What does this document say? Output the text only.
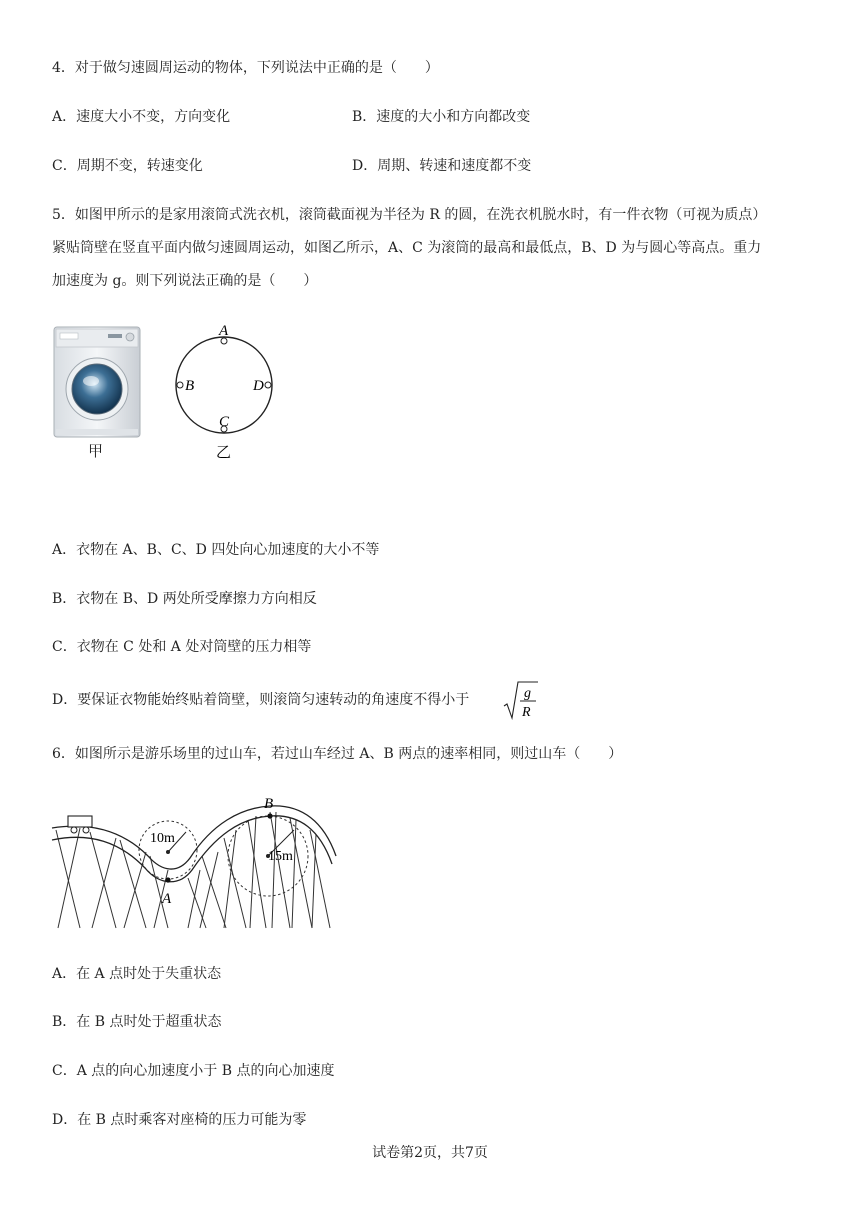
4．对于做匀速圆周运动的物体，下列说法中正确的是（　　）
A．速度大小不变，方向变化	B．速度的大小和方向都改变
C．周期不变，转速变化	D．周期、转速和速度都不变
5．如图甲所示的是家用滚筒式洗衣机，滚筒截面视为半径为 R 的圆，在洗衣机脱水时，有一件衣物（可视为质点）
紧贴筒壁在竖直平面内做匀速圆周运动，如图乙所示，A、C 为滚筒的最高和最低点，B、D 为与圆心等高点。重力
加速度为 g。则下列说法正确的是（　　）
甲
A
C
B	D
乙
A．衣物在 A、B、C、D 四处向心加速度的大小不等
B．衣物在 B、D 两处所受摩擦力方向相反
C．衣物在 C 处和 A 处对筒壁的压力相等
D．要保证衣物能始终贴着筒壁，则滚筒匀速转动的角速度不得小于	g
R
6．如图所示是游乐场里的过山车，若过山车经过 A、B 两点的速率相同，则过山车（　　）
10m
15m
A
B
A．在 A 点时处于失重状态
B．在 B 点时处于超重状态
C．A 点的向心加速度小于 B 点的向心加速度
D．在 B 点时乘客对座椅的压力可能为零
试卷第2页，共7页
